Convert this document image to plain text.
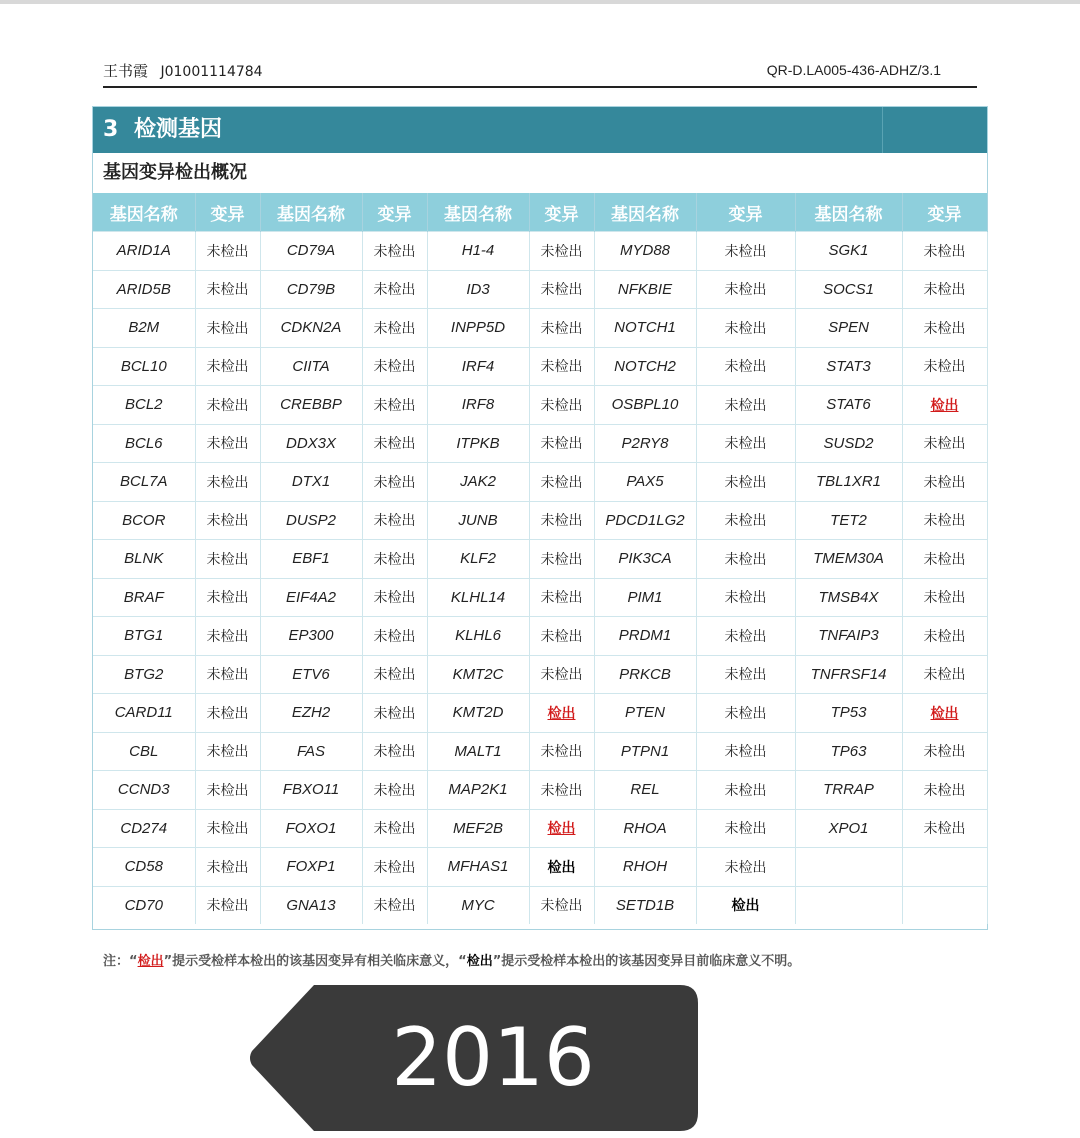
王书霞 J01001114784	QR-D.LA005-436-ADHZ/3.1
3 检测基因
基因变异检出概况
基因名称	变异	基因名称	变异	基因名称	变异	基因名称	变异	基因名称	变异
ARID1A	未检出	CD79A	未检出	H1-4	未检出	MYD88	未检出	SGK1	未检出
ARID5B	未检出	CD79B	未检出	ID3	未检出	NFKBIE	未检出	SOCS1	未检出
B2M	未检出	CDKN2A	未检出	INPP5D	未检出	NOTCH1	未检出	SPEN	未检出
BCL10	未检出	CIITA	未检出	IRF4	未检出	NOTCH2	未检出	STAT3	未检出
BCL2	未检出	CREBBP	未检出	IRF8	未检出	OSBPL10	未检出	STAT6	检出
BCL6	未检出	DDX3X	未检出	ITPKB	未检出	P2RY8	未检出	SUSD2	未检出
BCL7A	未检出	DTX1	未检出	JAK2	未检出	PAX5	未检出	TBL1XR1	未检出
BCOR	未检出	DUSP2	未检出	JUNB	未检出	PDCD1LG2	未检出	TET2	未检出
BLNK	未检出	EBF1	未检出	KLF2	未检出	PIK3CA	未检出	TMEM30A	未检出
BRAF	未检出	EIF4A2	未检出	KLHL14	未检出	PIM1	未检出	TMSB4X	未检出
BTG1	未检出	EP300	未检出	KLHL6	未检出	PRDM1	未检出	TNFAIP3	未检出
BTG2	未检出	ETV6	未检出	KMT2C	未检出	PRKCB	未检出	TNFRSF14	未检出
CARD11	未检出	EZH2	未检出	KMT2D	检出	PTEN	未检出	TP53	检出
CBL	未检出	FAS	未检出	MALT1	未检出	PTPN1	未检出	TP63	未检出
CCND3	未检出	FBXO11	未检出	MAP2K1	未检出	REL	未检出	TRRAP	未检出
CD274	未检出	FOXO1	未检出	MEF2B	检出	RHOA	未检出	XPO1	未检出
CD58	未检出	FOXP1	未检出	MFHAS1	检出	RHOH	未检出		
CD70	未检出	GNA13	未检出	MYC	未检出	SETD1B	检出		
注：“检出”提示受检样本检出的该基因变异有相关临床意义，“检出”提示受检样本检出的该基因变异目前临床意义不明。
2016
